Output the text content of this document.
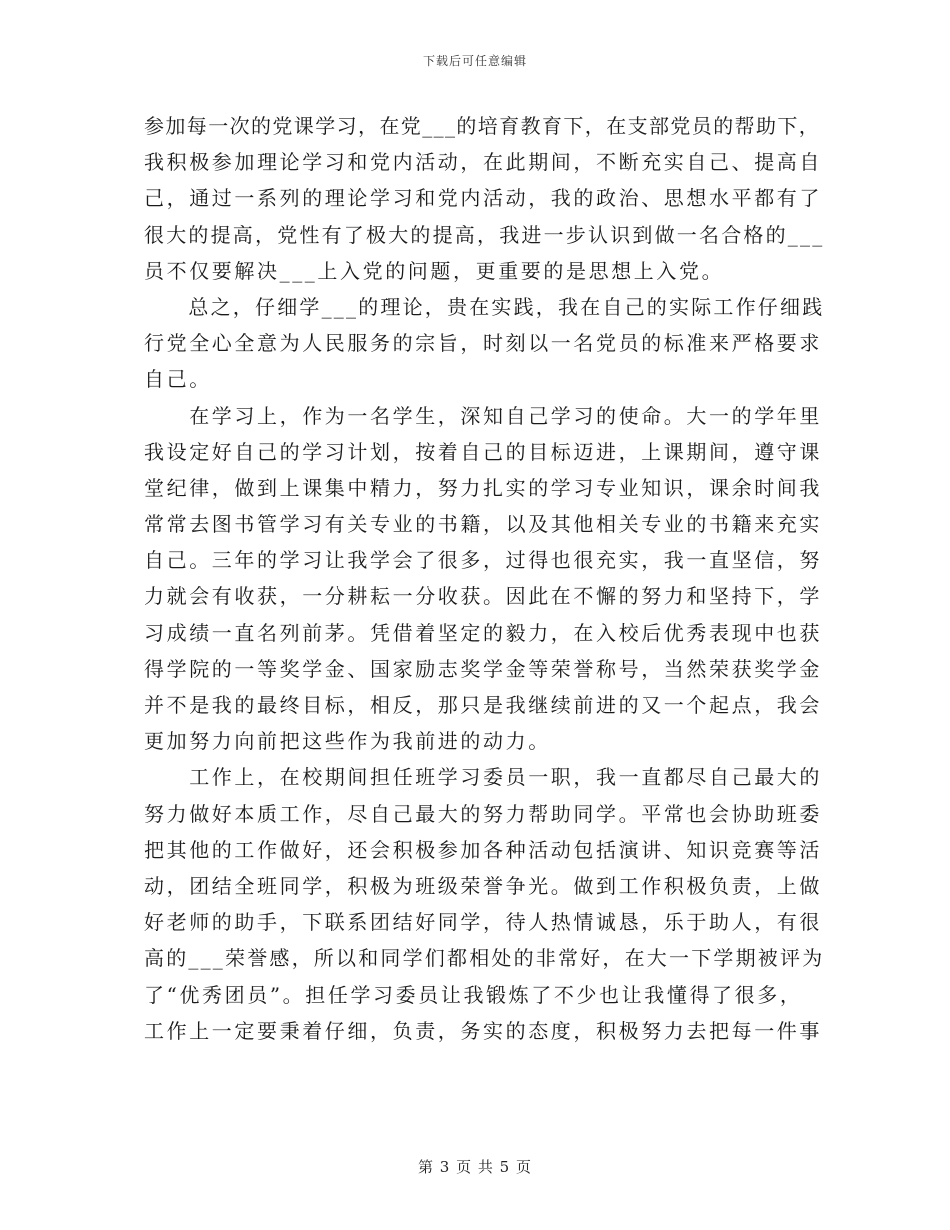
下载后可任意编辑
参加每一次的党课学习，在党___的培育教育下，在支部党员的帮助下，
我积极参加理论学习和党内活动，在此期间，不断充实自己、提高自
己，通过一系列的理论学习和党内活动，我的政治、思想水平都有了
很大的提高，党性有了极大的提高，我进一步认识到做一名合格的___
员不仅要解决___上入党的问题，更重要的是思想上入党。
　　总之，仔细学___的理论，贵在实践，我在自己的实际工作仔细践
行党全心全意为人民服务的宗旨，时刻以一名党员的标准来严格要求
自己。
　　在学习上，作为一名学生，深知自己学习的使命。大一的学年里
我设定好自己的学习计划，按着自己的目标迈进，上课期间，遵守课
堂纪律，做到上课集中精力，努力扎实的学习专业知识，课余时间我
常常去图书管学习有关专业的书籍，以及其他相关专业的书籍来充实
自己。三年的学习让我学会了很多，过得也很充实，我一直坚信，努
力就会有收获，一分耕耘一分收获。因此在不懈的努力和坚持下，学
习成绩一直名列前茅。凭借着坚定的毅力，在入校后优秀表现中也获
得学院的一等奖学金、国家励志奖学金等荣誉称号，当然荣获奖学金
并不是我的最终目标，相反，那只是我继续前进的又一个起点，我会
更加努力向前把这些作为我前进的动力。
　　工作上，在校期间担任班学习委员一职，我一直都尽自己最大的
努力做好本质工作，尽自己最大的努力帮助同学。平常也会协助班委
把其他的工作做好，还会积极参加各种活动包括演讲、知识竞赛等活
动，团结全班同学，积极为班级荣誉争光。做到工作积极负责，上做
好老师的助手，下联系团结好同学，待人热情诚恳，乐于助人，有很
高的___荣誉感，所以和同学们都相处的非常好，在大一下学期被评为
了“优秀团员”。担任学习委员让我锻炼了不少也让我懂得了很多，
工作上一定要秉着仔细，负责，务实的态度，积极努力去把每一件事
第 3 页 共 5 页
